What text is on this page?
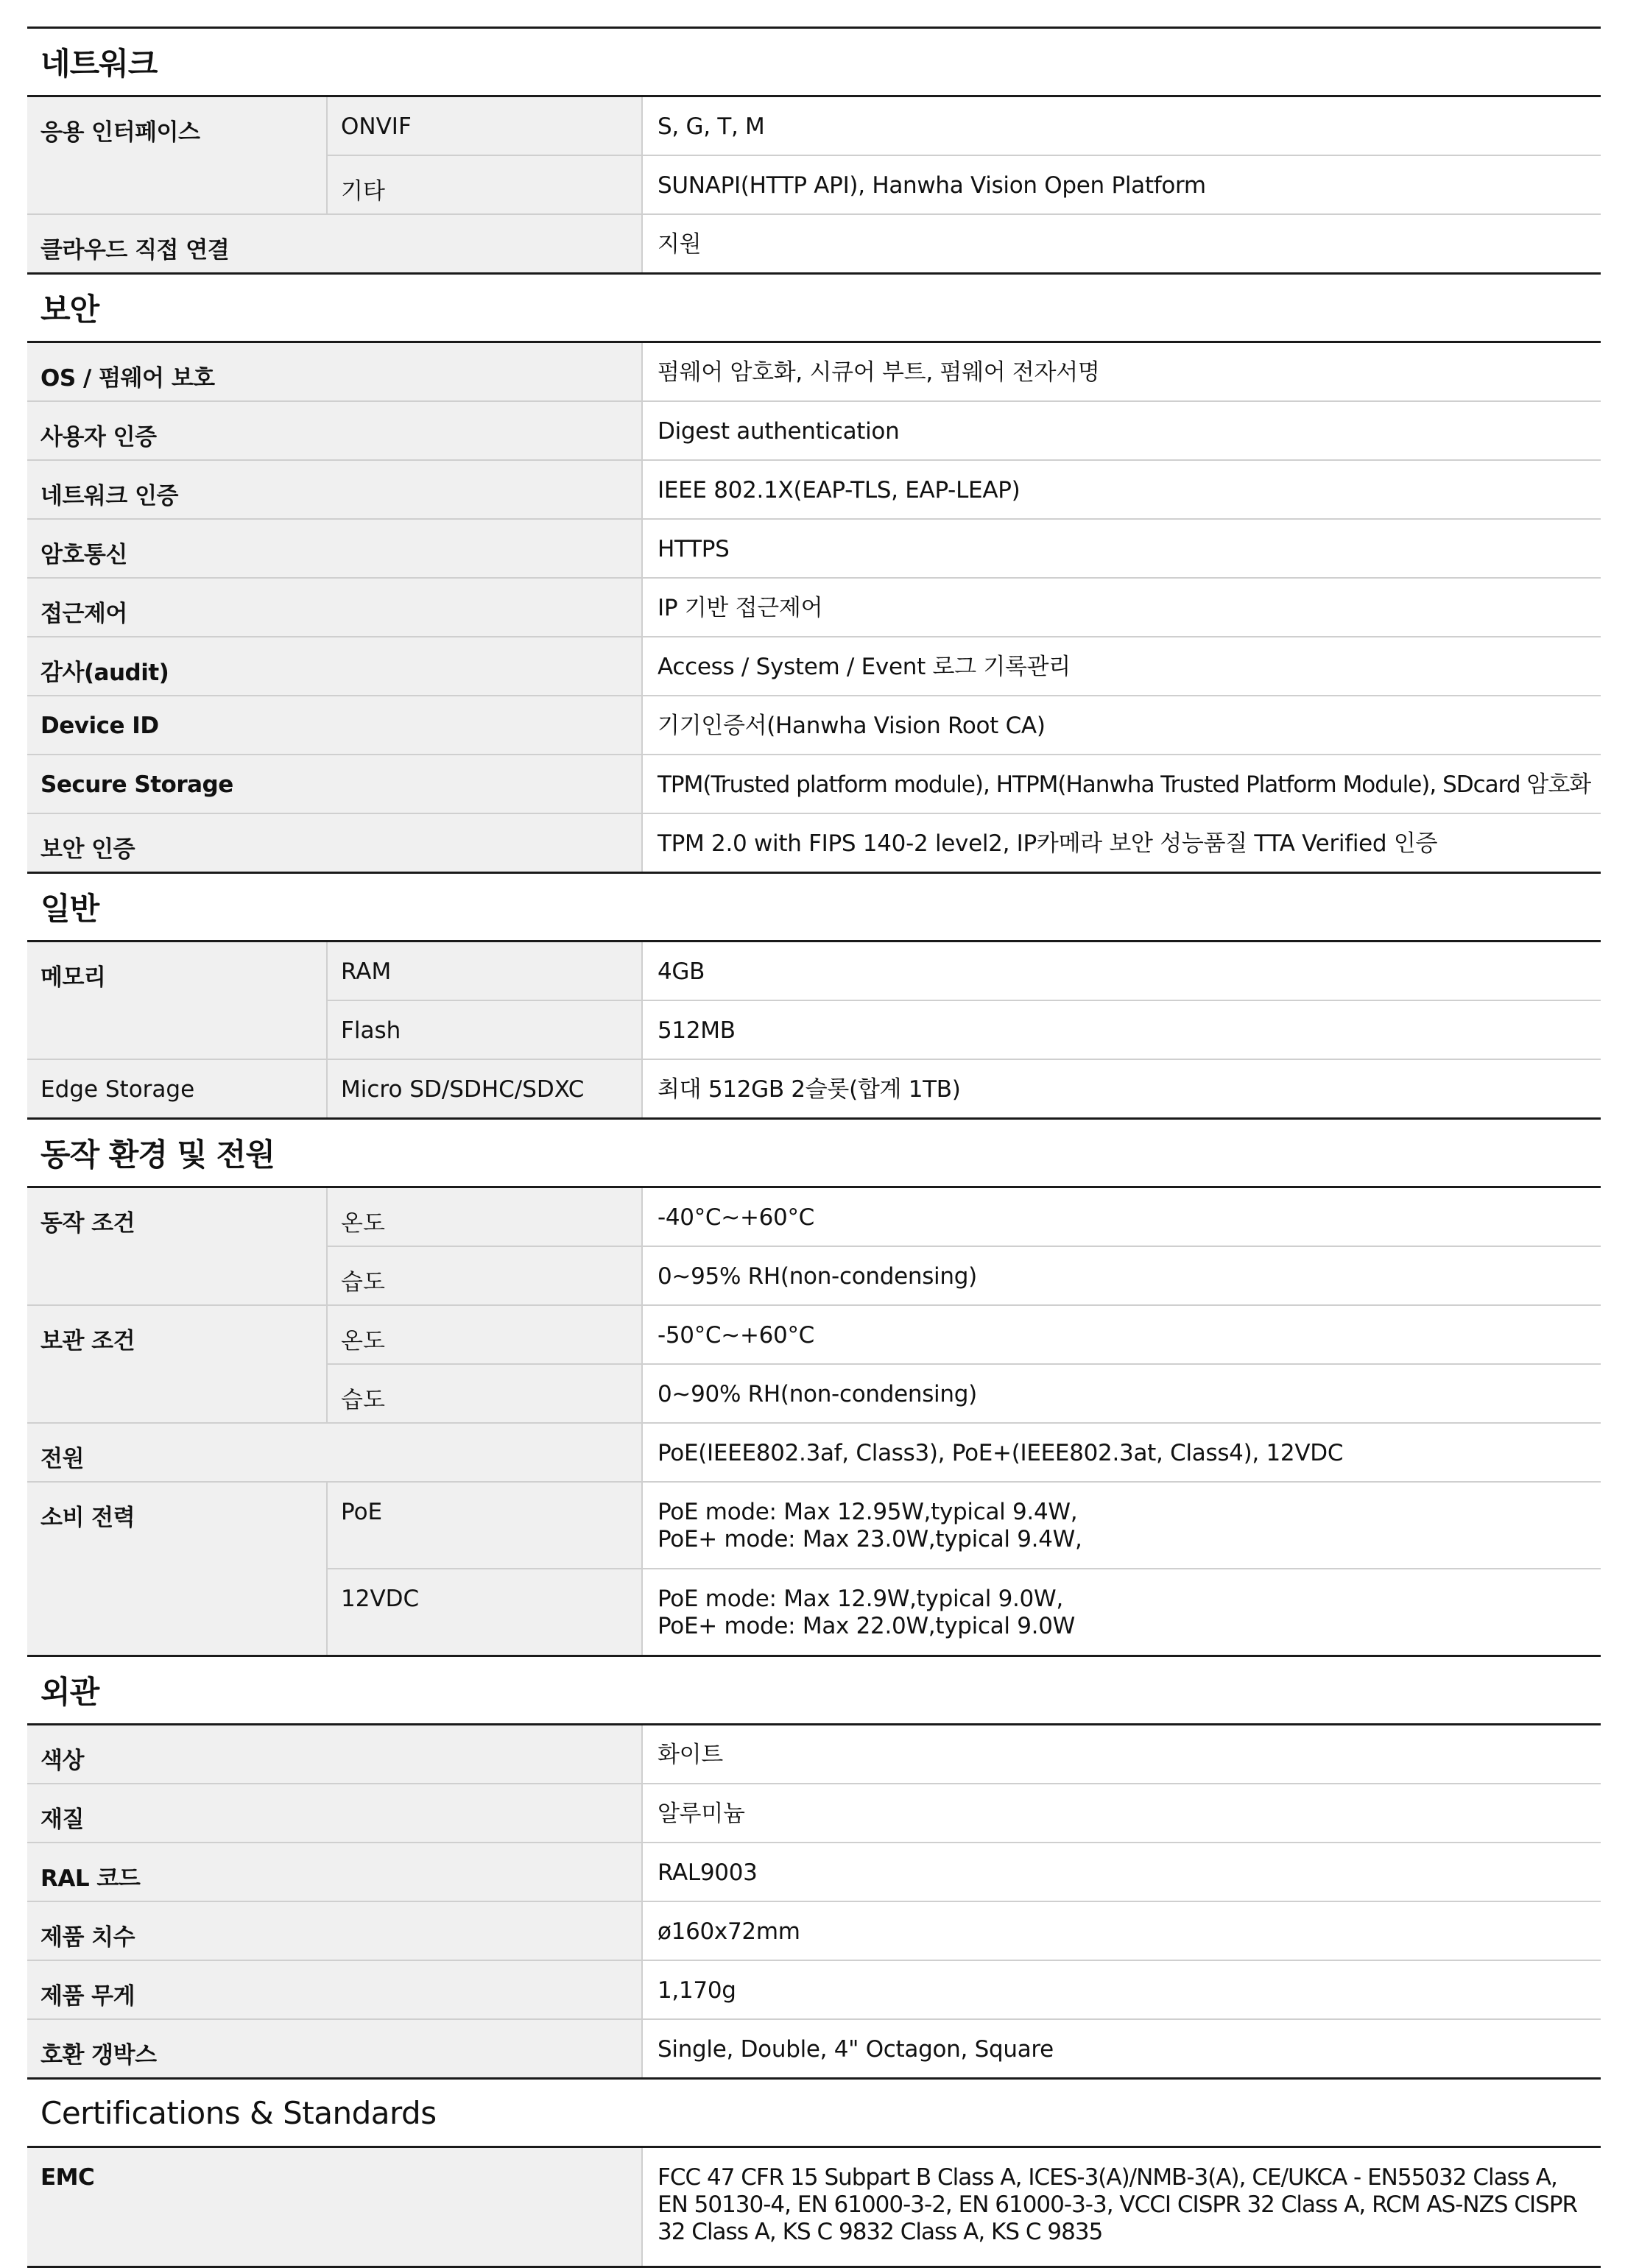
네트워크		
응용 인터페이스	ONVIF	S, G, T, M
	기타	SUNAPI(HTTP API), Hanwha Vision Open Platform
클라우드 직접 연결		지원
보안		
OS / 펌웨어 보호		펌웨어 암호화, 시큐어 부트, 펌웨어 전자서명
사용자 인증		Digest authentication
네트워크 인증		IEEE 802.1X(EAP-TLS, EAP-LEAP)
암호통신		HTTPS
접근제어		IP 기반 접근제어
감사(audit)		Access / System / Event 로그 기록관리
Device ID		기기인증서(Hanwha Vision Root CA)
Secure Storage		TPM(Trusted platform module), HTPM(Hanwha Trusted Platform Module), SDcard 암호화

보안 인증		TPM 2.0 with FIPS 140-2 level2, IP카메라 보안 성능품질 TTA Verified 인증
일반		
메모리	RAM	4GB
	Flash	512MB
Edge Storage	Micro SD/SDHC/SDXC	최대 512GB 2슬롯(합계 1TB)
동작 환경 및 전원		
동작 조건	온도	-40°C~+60°C
	습도	0~95% RH(non-condensing)
보관 조건	온도	-50°C~+60°C
	습도	0~90% RH(non-condensing)
전원		PoE(IEEE802.3af, Class3), PoE+(IEEE802.3at, Class4), 12VDC
소비 전력	PoE	PoE mode: Max 12.95W,typical 9.4W,
PoE+ mode: Max 23.0W,typical 9.4W,

	12VDC	PoE mode: Max 12.9W,typical 9.0W,
PoE+ mode: Max 22.0W,typical 9.0W

외관		
색상		화이트
재질		알루미늄
RAL 코드		RAL9003
제품 치수		ø160x72mm
제품 무게		1,170g
호환 갱박스		Single, Double, 4" Octagon, Square
Certifications & Standards		
EMC		FCC 47 CFR 15 Subpart B Class A, ICES-3(A)/NMB-3(A), CE/UKCA - EN55032 Class A,
EN 50130-4, EN 61000-3-2, EN 61000-3-3, VCCI CISPR 32 Class A, RCM AS-NZS CISPR
32 Class A, KS C 9832 Class A, KS C 9835
